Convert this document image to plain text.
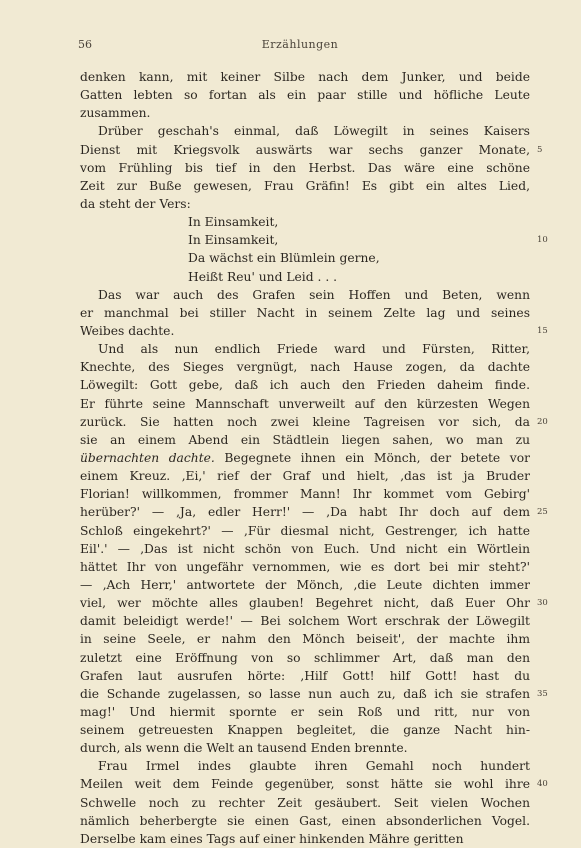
56	Erzählungen
denken kann, mit keiner Silbe nach dem Junker, und beide
Gatten lebten so fortan als ein paar stille und höfliche Leute
zusammen.
Drüber geschah's einmal, daß Löwegilt in seines Kaisers
Dienst mit Kriegsvolk auswärts war sechs ganzer Monate, 5
vom Frühling bis tief in den Herbst. Das wäre eine schöne
Zeit zur Buße gewesen, Frau Gräfin! Es gibt ein altes Lied,
da steht der Vers:
In Einsamkeit,
In Einsamkeit,	10
Da wächst ein Blümlein gerne,
Heißt Reu' und Leid . . .
Das war auch des Grafen sein Hoffen und Beten, wenn
er manchmal bei stiller Nacht in seinem Zelte lag und seines
Weibes dachte.	15
Und als nun endlich Friede ward und Fürsten, Ritter,
Knechte, des Sieges vergnügt, nach Hause zogen, da dachte
Löwegilt: Gott gebe, daß ich auch den Frieden daheim finde.
Er führte seine Mannschaft unverweilt auf den kürzesten Wegen
zurück. Sie hatten noch zwei kleine Tagreisen vor sich, da 20
sie an einem Abend ein Städtlein liegen sahen, wo man zu
übernachten dachte. Begegnete ihnen ein Mönch, der betete vor
einem Kreuz. ‚Ei,' rief der Graf und hielt, ‚das ist ja Bruder
Florian! willkommen, frommer Mann! Ihr kommet vom Gebirg'
herüber?' — ‚Ja, edler Herr!' — ‚Da habt Ihr doch auf dem 25
Schloß eingekehrt?' — ‚Für diesmal nicht, Gestrenger, ich hatte
Eil'.' — ‚Das ist nicht schön von Euch. Und nicht ein Wörtlein
hättet Ihr von ungefähr vernommen, wie es dort bei mir steht?'
— ‚Ach Herr,' antwortete der Mönch, ‚die Leute dichten immer
viel, wer möchte alles glauben! Begehret nicht, daß Euer Ohr 30
damit beleidigt werde!' — Bei solchem Wort erschrak der Löwegilt
in seine Seele, er nahm den Mönch beiseit', der machte ihm
zuletzt eine Eröffnung von so schlimmer Art, daß man den
Grafen laut ausrufen hörte: ‚Hilf Gott! hilf Gott! hast du
die Schande zugelassen, so lasse nun auch zu, daß ich sie strafen 35
mag!' Und hiermit spornte er sein Roß und ritt, nur von
seinem getreuesten Knappen begleitet, die ganze Nacht hin-
durch, als wenn die Welt an tausend Enden brennte.
Frau Irmel indes glaubte ihren Gemahl noch hundert
Meilen weit dem Feinde gegenüber, sonst hätte sie wohl ihre 40
Schwelle noch zu rechter Zeit gesäubert. Seit vielen Wochen
nämlich beherbergte sie einen Gast, einen absonderlichen Vogel.
Derselbe kam eines Tags auf einer hinkenden Mähre geritten
